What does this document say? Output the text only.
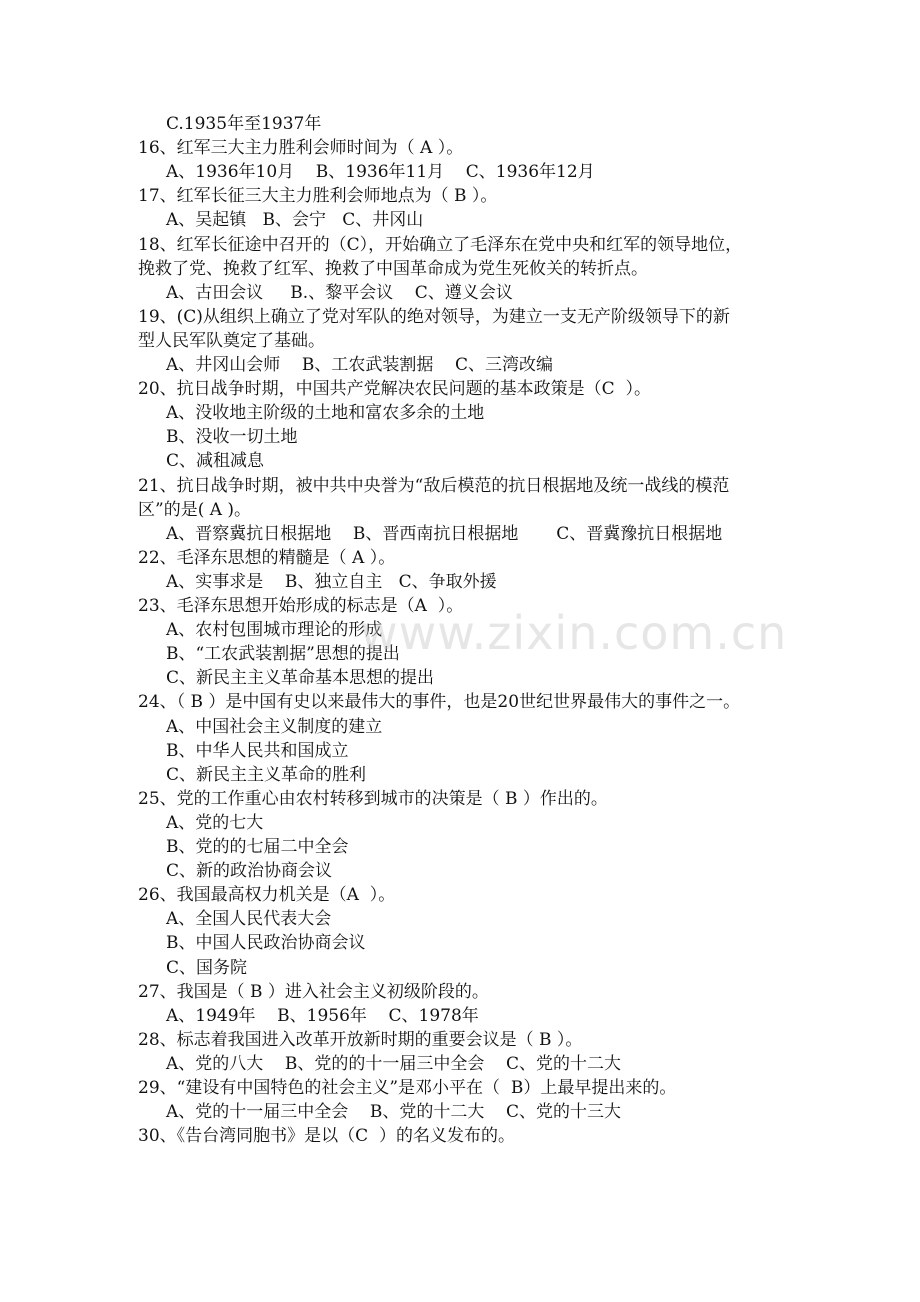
C.1935年至1937年
16、红军三大主力胜利会师时间为（ A ）。
A、1936年10月    B、1936年11月    C、1936年12月
17、红军长征三大主力胜利会师地点为（ B ）。
A、吴起镇   B、会宁   C、井冈山
18、红军长征途中召开的（C），开始确立了毛泽东在党中央和红军的领导地位，
挽救了党、挽救了红军、挽救了中国革命成为党生死攸关的转折点。
A、古田会议     B.、黎平会议    C、遵义会议
19、(C)从组织上确立了党对军队的绝对领导，为建立一支无产阶级领导下的新
型人民军队奠定了基础。
A、井冈山会师    B、工农武装割据    C、三湾改编
20、抗日战争时期，中国共产党解决农民问题的基本政策是（C  ）。
A、没收地主阶级的土地和富农多余的土地
B、没收一切土地
C、减租减息
21、抗日战争时期，被中共中央誉为“敌后模范的抗日根据地及统一战线的模范
区”的是( A )。
A、晋察冀抗日根据地    B、晋西南抗日根据地       C、晋冀豫抗日根据地
22、毛泽东思想的精髓是（ A ）。
A、实事求是    B、独立自主   C、争取外援
23、毛泽东思想开始形成的标志是（A  ）。
A、农村包围城市理论的形成
B、“工农武装割据”思想的提出
C、新民主主义革命基本思想的提出
24、（ B ）是中国有史以来最伟大的事件，也是20世纪世界最伟大的事件之一。
A、中国社会主义制度的建立
B、中华人民共和国成立
C、新民主主义革命的胜利
25、党的工作重心由农村转移到城市的决策是（ B ）作出的。
A、党的七大
B、党的的七届二中全会
C、新的政治协商会议
26、我国最高权力机关是（A  ）。
A、全国人民代表大会
B、中国人民政治协商会议
C、国务院
27、我国是（ B ）进入社会主义初级阶段的。
A、1949年    B、1956年    C、1978年
28、标志着我国进入改革开放新时期的重要会议是（ B ）。
A、党的八大    B、党的的十一届三中全会    C、党的十二大
29、“建设有中国特色的社会主义”是邓小平在（  B）上最早提出来的。
A、党的十一届三中全会    B、党的十二大    C、党的十三大
30、《告台湾同胞书》是以（C  ）的名义发布的。
www.zixin.com.cn
